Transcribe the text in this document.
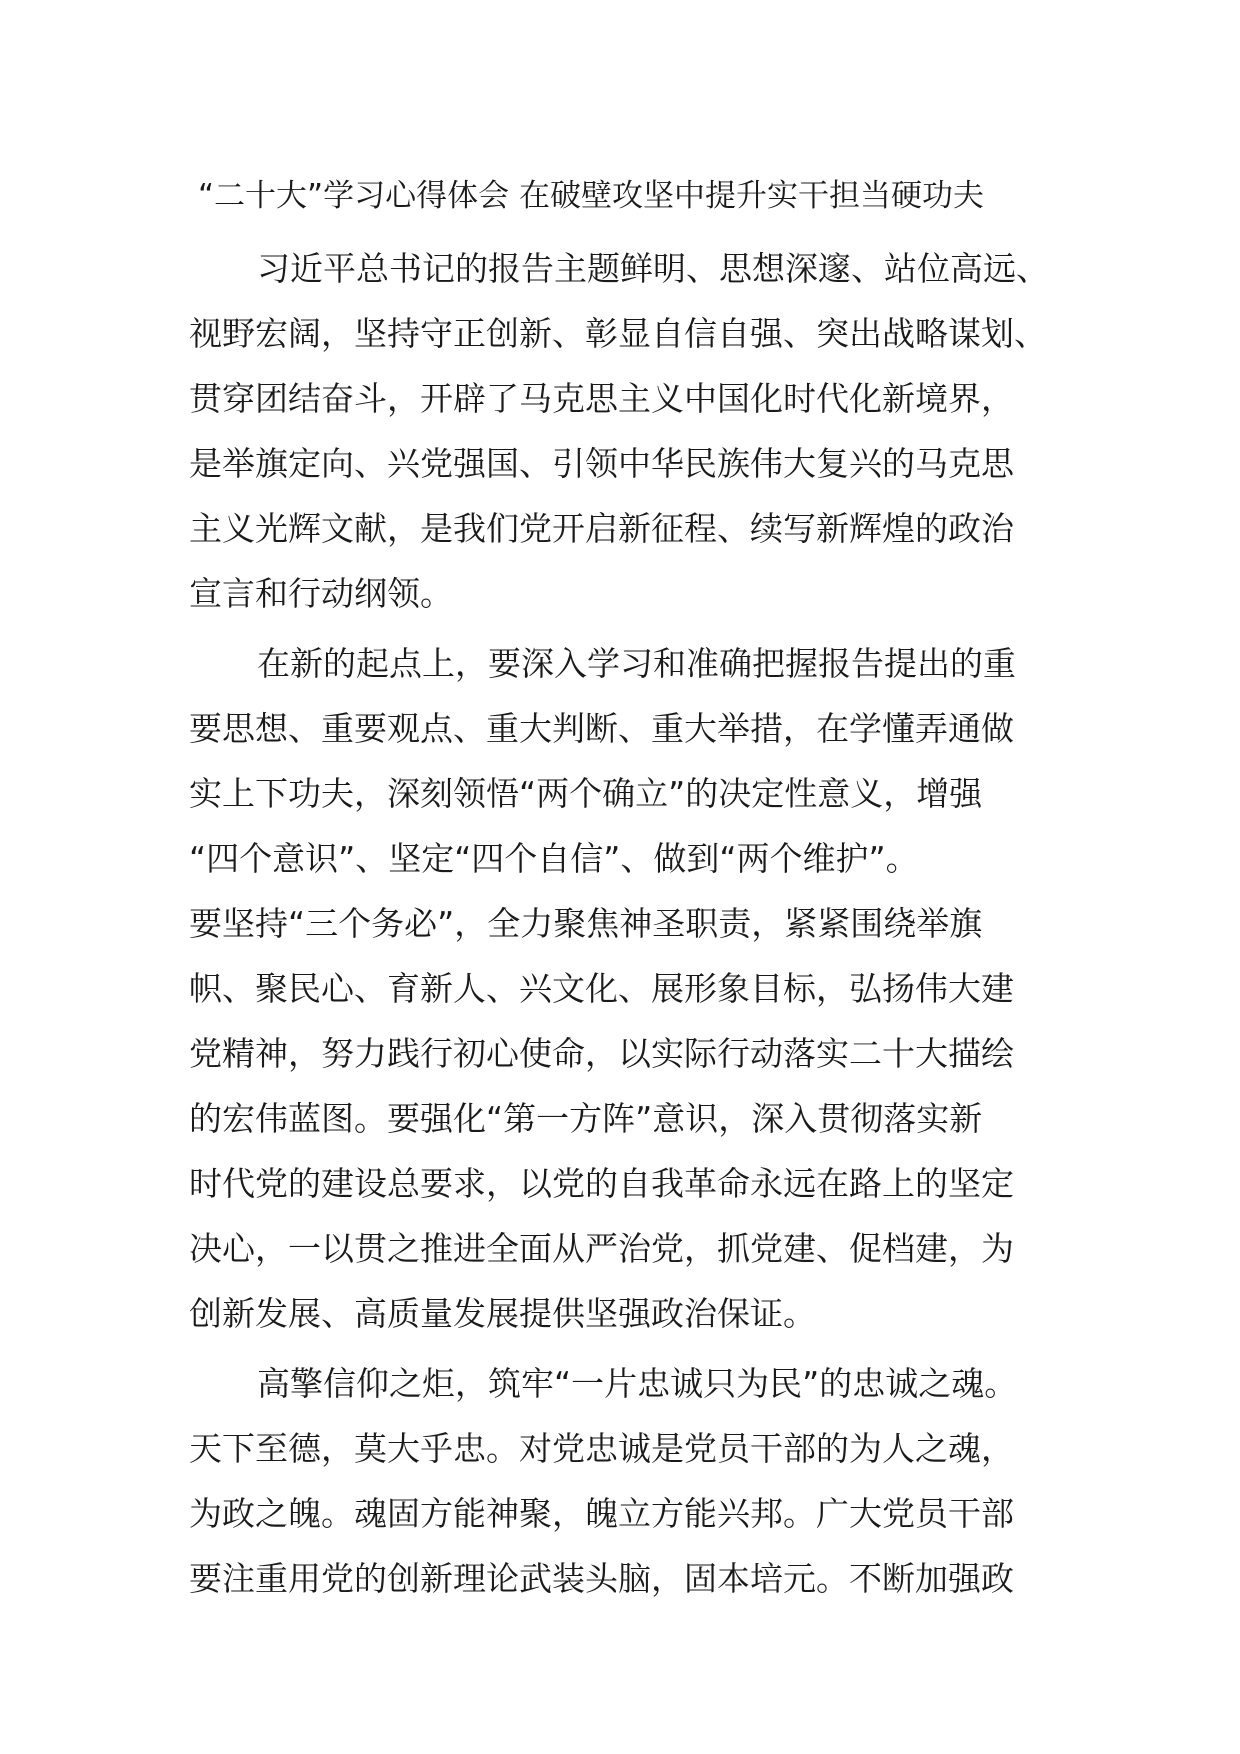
“二十大”学习心得体会 在破壁攻坚中提升实干担当硬功夫

习近平总书记的报告主题鲜明、思想深邃、站位高远、
视野宏阔，坚持守正创新、彰显自信自强、突出战略谋划、
贯穿团结奋斗，开辟了马克思主义中国化时代化新境界，
是举旗定向、兴党强国、引领中华民族伟大复兴的马克思
主义光辉文献，是我们党开启新征程、续写新辉煌的政治
宣言和行动纲领。

在新的起点上，要深入学习和准确把握报告提出的重
要思想、重要观点、重大判断、重大举措，在学懂弄通做
实上下功夫，深刻领悟“两个确立”的决定性意义，增强
“四个意识”、坚定“四个自信”、做到“两个维护”。
要坚持“三个务必”，全力聚焦神圣职责，紧紧围绕举旗
帜、聚民心、育新人、兴文化、展形象目标，弘扬伟大建
党精神，努力践行初心使命，以实际行动落实二十大描绘
的宏伟蓝图。要强化“第一方阵”意识，深入贯彻落实新
时代党的建设总要求，以党的自我革命永远在路上的坚定
决心，一以贯之推进全面从严治党，抓党建、促档建，为
创新发展、高质量发展提供坚强政治保证。

高擎信仰之炬，筑牢“一片忠诚只为民”的忠诚之魂。
天下至德，莫大乎忠。对党忠诚是党员干部的为人之魂，
为政之魄。魂固方能神聚，魄立方能兴邦。广大党员干部
要注重用党的创新理论武装头脑，固本培元。不断加强政
